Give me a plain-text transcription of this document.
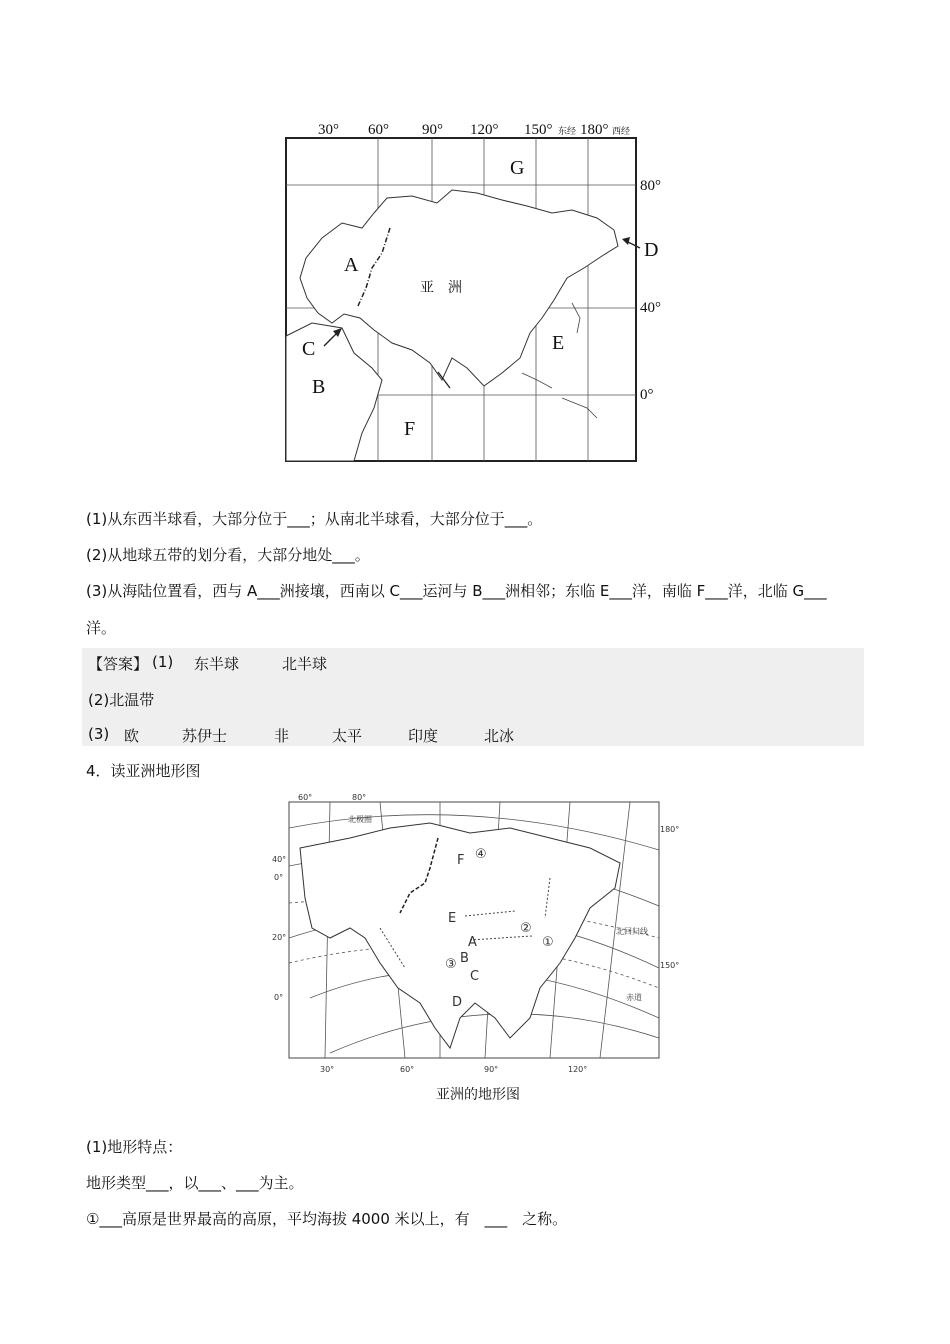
30° 60° 90° 120° 150° 东经 180° 西经
80°
40°
0°
A
B
C
D
E
F
G
亚　洲
(1)从东西半球看，大部分位于___；从南北半球看，大部分位于___。
(2)从地球五带的划分看，大部分地处___。
(3)从海陆位置看，西与 A___洲接壤，西南以 C___运河与 B___洲相邻；东临 E___洋，南临 F___洋，北临 G___
洋。
【答案】 (1) 东半球	北半球
(2)北温带
(3) 欧	苏伊士	非	太平	印度	北冰
4．读亚洲地形图
60°	80°
40°
0°
20°
0°
30°	60°	90°	120°
180°
150°
北极圈
北回归线
赤道
F
E
A
B
C
D
④
②
①
③
亚洲的地形图
(1)地形特点：
地形类型___，以___、___为主。
①___高原是世界最高的高原，平均海拔 4000 米以上，有　___　之称。
